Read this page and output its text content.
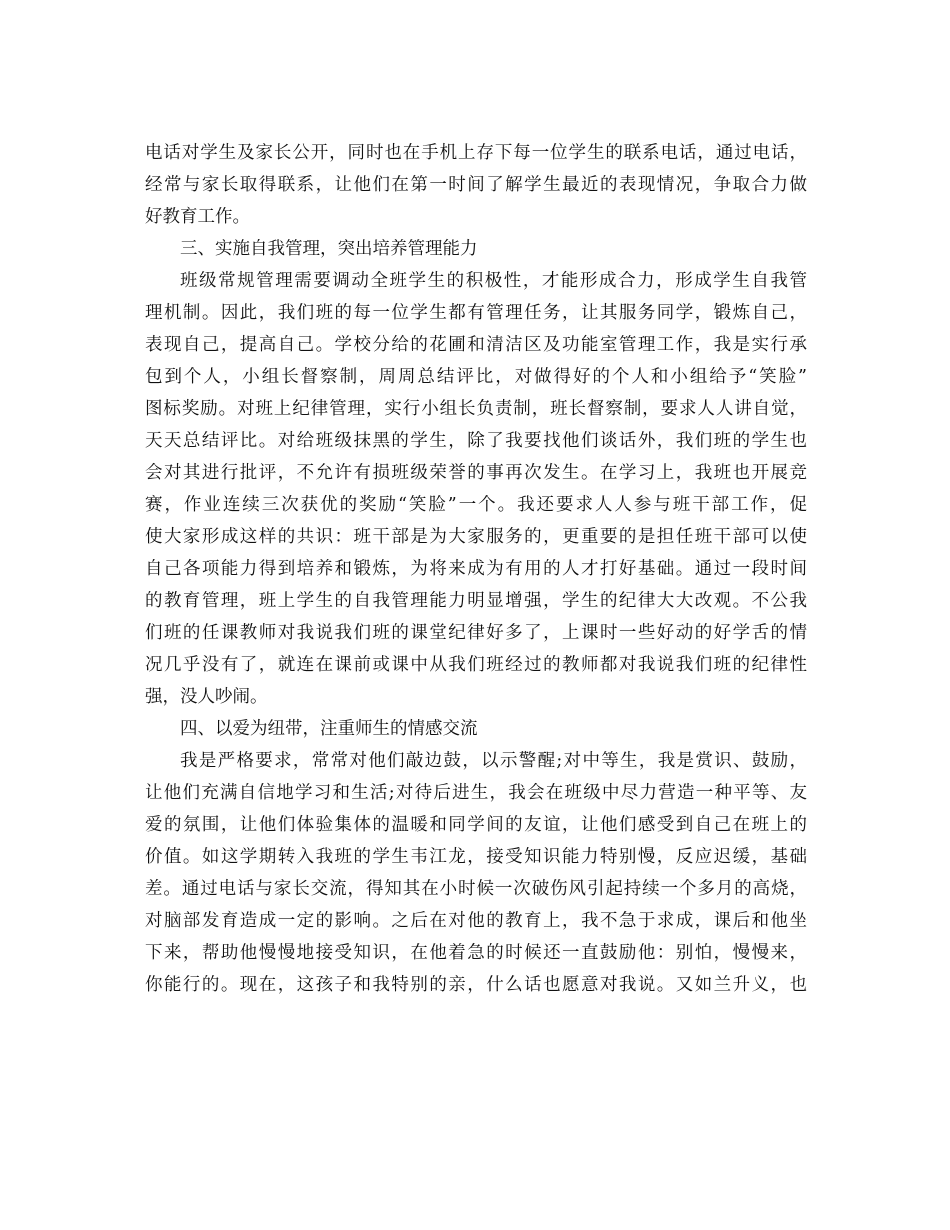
电话对学生及家长公开，同时也在手机上存下每一位学生的联系电话，通过电话，
经常与家长取得联系，让他们在第一时间了解学生最近的表现情况，争取合力做
好教育工作。
三、实施自我管理，突出培养管理能力
班级常规管理需要调动全班学生的积极性，才能形成合力，形成学生自我管
理机制。因此，我们班的每一位学生都有管理任务，让其服务同学，锻炼自己，
表现自己，提高自己。学校分给的花圃和清洁区及功能室管理工作，我是实行承
包到个人，小组长督察制，周周总结评比，对做得好的个人和小组给予“笑脸”
图标奖励。对班上纪律管理，实行小组长负责制，班长督察制，要求人人讲自觉，
天天总结评比。对给班级抹黑的学生，除了我要找他们谈话外，我们班的学生也
会对其进行批评，不允许有损班级荣誉的事再次发生。在学习上，我班也开展竞
赛，作业连续三次获优的奖励“笑脸”一个。我还要求人人参与班干部工作，促
使大家形成这样的共识：班干部是为大家服务的，更重要的是担任班干部可以使
自己各项能力得到培养和锻炼，为将来成为有用的人才打好基础。通过一段时间
的教育管理，班上学生的自我管理能力明显增强，学生的纪律大大改观。不公我
们班的任课教师对我说我们班的课堂纪律好多了，上课时一些好动的好学舌的情
况几乎没有了，就连在课前或课中从我们班经过的教师都对我说我们班的纪律性
强，没人吵闹。
四、以爱为纽带，注重师生的情感交流
我是严格要求，常常对他们敲边鼓，以示警醒;对中等生，我是赏识、鼓励，
让他们充满自信地学习和生活;对待后进生，我会在班级中尽力营造一种平等、友
爱的氛围，让他们体验集体的温暖和同学间的友谊，让他们感受到自己在班上的
价值。如这学期转入我班的学生韦江龙，接受知识能力特别慢，反应迟缓，基础
差。通过电话与家长交流，得知其在小时候一次破伤风引起持续一个多月的高烧，
对脑部发育造成一定的影响。之后在对他的教育上，我不急于求成，课后和他坐
下来，帮助他慢慢地接受知识，在他着急的时候还一直鼓励他：别怕，慢慢来，
你能行的。现在，这孩子和我特别的亲，什么话也愿意对我说。又如兰升义，也
